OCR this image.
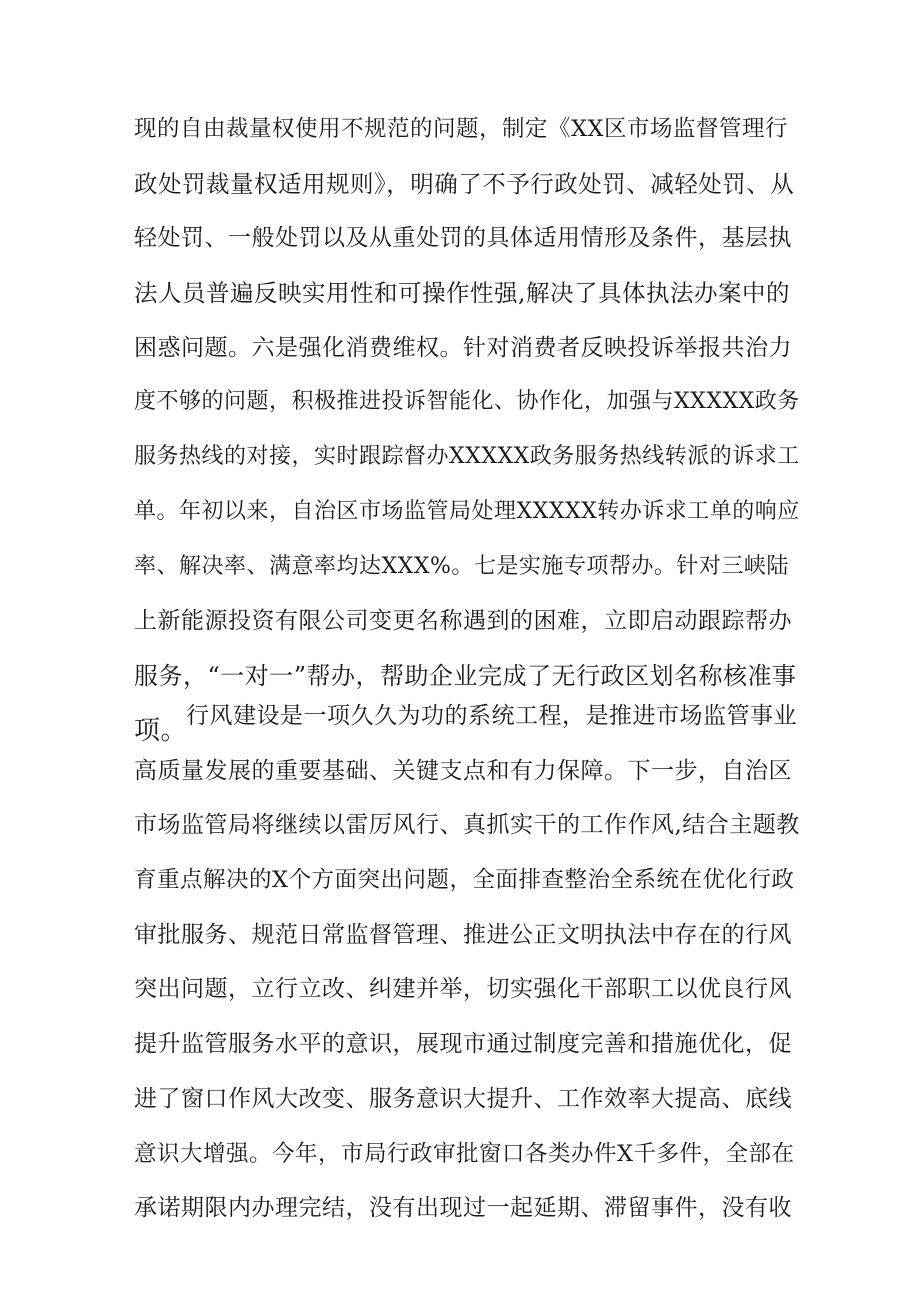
现的自由裁量权使用不规范的问题，制定《XX区市场监督管理行
政处罚裁量权适用规则》，明确了不予行政处罚、减轻处罚、从
轻处罚、一般处罚以及从重处罚的具体适用情形及条件，基层执
法人员普遍反映实用性和可操作性强,解决了具体执法办案中的
困惑问题。六是强化消费维权。针对消费者反映投诉举报共治力
度不够的问题，积极推进投诉智能化、协作化，加强与XXXXX政务
服务热线的对接，实时跟踪督办XXXXX政务服务热线转派的诉求工
单。年初以来，自治区市场监管局处理XXXXX转办诉求工单的响应
率、解决率、满意率均达XXX%。七是实施专项帮办。针对三峡陆
上新能源投资有限公司变更名称遇到的困难，立即启动跟踪帮办
服务，“一对一”帮办，帮助企业完成了无行政区划名称核准事
项。
行风建设是一项久久为功的系统工程，是推进市场监管事业
高质量发展的重要基础、关键支点和有力保障。下一步，自治区
市场监管局将继续以雷厉风行、真抓实干的工作作风,结合主题教
育重点解决的X个方面突出问题，全面排查整治全系统在优化行政
审批服务、规范日常监督管理、推进公正文明执法中存在的行风
突出问题，立行立改、纠建并举，切实强化干部职工以优良行风
提升监管服务水平的意识，展现市通过制度完善和措施优化，促
进了窗口作风大改变、服务意识大提升、工作效率大提高、底线
意识大增强。今年，市局行政审批窗口各类办件X千多件，全部在
承诺期限内办理完结，没有出现过一起延期、滞留事件，没有收
